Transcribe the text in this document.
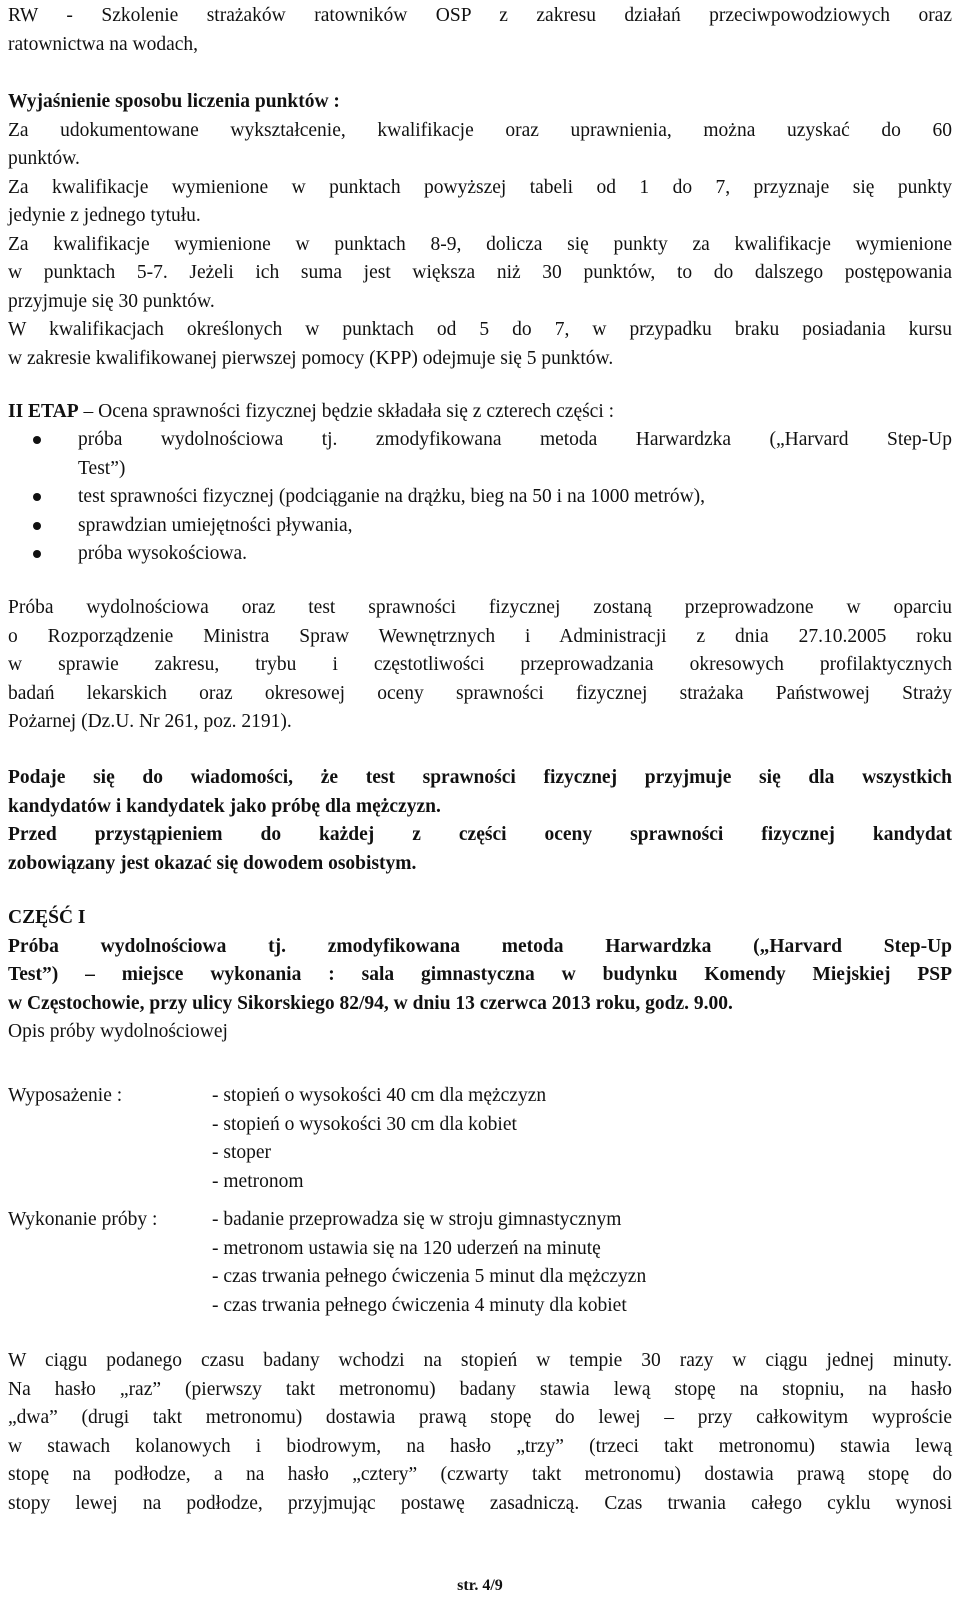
RW - Szkolenie strażaków ratowników OSP z zakresu działań przeciwpowodziowych oraz
ratownictwa na wodach,
Wyjaśnienie sposobu liczenia punktów :
Za udokumentowane wykształcenie, kwalifikacje oraz uprawnienia, można uzyskać do 60
punktów.
Za kwalifikacje wymienione w punktach powyższej tabeli od 1 do 7, przyznaje się punkty
jedynie z jednego tytułu.
Za kwalifikacje wymienione w punktach 8-9, dolicza się punkty za kwalifikacje wymienione
w punktach 5-7. Jeżeli ich suma jest większa niż 30 punktów, to do dalszego postępowania
przyjmuje się 30 punktów.
W kwalifikacjach określonych w punktach od 5 do 7, w przypadku braku posiadania kursu
w zakresie kwalifikowanej pierwszej pomocy (KPP) odejmuje się 5 punktów.
II ETAP – Ocena sprawności fizycznej będzie składała się z czterech części :
próba wydolnościowa tj. zmodyfikowana metoda Harwardzka („Harvard Step-Up
Test”)
test sprawności fizycznej (podciąganie na drążku, bieg na 50 i na 1000 metrów),
sprawdzian umiejętności pływania,
próba wysokościowa.
Próba wydolnościowa oraz test sprawności fizycznej zostaną przeprowadzone w oparciu
o Rozporządzenie Ministra Spraw Wewnętrznych i Administracji z dnia 27.10.2005 roku
w sprawie zakresu, trybu i częstotliwości przeprowadzania okresowych profilaktycznych
badań lekarskich oraz okresowej oceny sprawności fizycznej strażaka Państwowej Straży
Pożarnej (Dz.U. Nr 261, poz. 2191).
Podaje się do wiadomości, że test sprawności fizycznej przyjmuje się dla wszystkich
kandydatów i kandydatek jako próbę dla mężczyzn.
Przed przystąpieniem do każdej z części oceny sprawności fizycznej kandydat
zobowiązany jest okazać się dowodem osobistym.
CZĘŚĆ I
Próba wydolnościowa tj. zmodyfikowana metoda Harwardzka („Harvard Step-Up
Test”) – miejsce wykonania : sala gimnastyczna w budynku Komendy Miejskiej PSP
w Częstochowie, przy ulicy Sikorskiego 82/94, w dniu 13 czerwca 2013 roku, godz. 9.00.
Opis próby wydolnościowej
Wyposażenie :	- stopień o wysokości 40 cm dla mężczyzn
- stopień o wysokości 30 cm dla kobiet
- stoper
- metronom
Wykonanie próby :	- badanie przeprowadza się w stroju gimnastycznym
- metronom ustawia się na 120 uderzeń na minutę
- czas trwania pełnego ćwiczenia 5 minut dla mężczyzn
- czas trwania pełnego ćwiczenia 4 minuty dla kobiet
W ciągu podanego czasu badany wchodzi na stopień w tempie 30 razy w ciągu jednej minuty.
Na hasło „raz” (pierwszy takt metronomu) badany stawia lewą stopę na stopniu, na hasło
„dwa” (drugi takt metronomu) dostawia prawą stopę do lewej – przy całkowitym wyproście
w stawach kolanowych i biodrowym, na hasło „trzy” (trzeci takt metronomu) stawia lewą
stopę na podłodze, a na hasło „cztery” (czwarty takt metronomu) dostawia prawą stopę do
stopy lewej na podłodze, przyjmując postawę zasadniczą. Czas trwania całego cyklu wynosi
str. 4/9
